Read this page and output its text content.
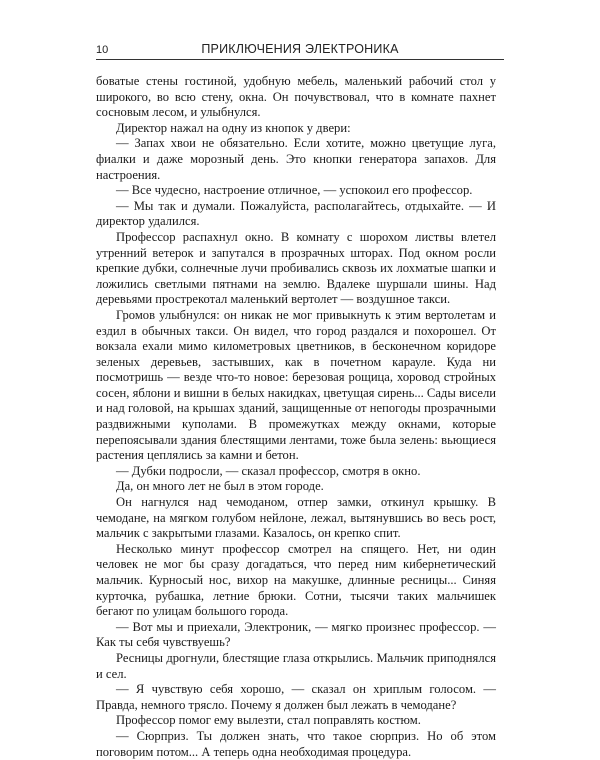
10	ПРИКЛЮЧЕНИЯ ЭЛЕКТРОНИКА

боватые стены гостиной, удобную мебель, маленький рабочий стол у широкого, во всю стену, окна. Он почувствовал, что в комнате пахнет сосновым лесом, и улыбнулся.

Директор нажал на одну из кнопок у двери:

— Запах хвои не обязательно. Если хотите, можно цветущие луга, фиалки и даже морозный день. Это кнопки генератора запахов. Для настроения.

— Все чудесно, настроение отличное, — успокоил его профессор.

— Мы так и думали. Пожалуйста, располагайтесь, отдыхайте. — И директор удалился.

Профессор распахнул окно. В комнату с шорохом листвы влетел утренний ветерок и запутался в прозрачных шторах. Под окном росли крепкие дубки, солнечные лучи пробивались сквозь их лохматые шапки и ложились светлыми пятнами на землю. Вдалеке шуршали шины. Над деревьями прострекотал маленький вертолет — воздушное такси.

Громов улыбнулся: он никак не мог привыкнуть к этим вертолетам и ездил в обычных такси. Он видел, что город раздался и похорошел. От вокзала ехали мимо километровых цветников, в бесконечном коридоре зеленых деревьев, застывших, как в почетном карауле. Куда ни посмотришь — везде что-то новое: березовая рощица, хоровод стройных сосен, яблони и вишни в белых накидках, цветущая сирень... Сады висели и над головой, на крышах зданий, защищенные от непогоды прозрачными раздвижными куполами. В промежутках между окнами, которые перепоясывали здания блестящими лентами, тоже была зелень: вьющиеся растения цеплялись за камни и бетон.

— Дубки подросли, — сказал профессор, смотря в окно.

Да, он много лет не был в этом городе.

Он нагнулся над чемоданом, отпер замки, откинул крышку. В чемодане, на мягком голубом нейлоне, лежал, вытянувшись во весь рост, мальчик с закрытыми глазами. Казалось, он крепко спит.

Несколько минут профессор смотрел на спящего. Нет, ни один человек не мог бы сразу догадаться, что перед ним кибернетический мальчик. Курносый нос, вихор на макушке, длинные ресницы... Синяя курточка, рубашка, летние брюки. Сотни, тысячи таких мальчишек бегают по улицам большого города.

— Вот мы и приехали, Электроник, — мягко произнес профессор. — Как ты себя чувствуешь?

Ресницы дрогнули, блестящие глаза открылись. Мальчик приподнялся и сел.

— Я чувствую себя хорошо, — сказал он хриплым голосом. — Правда, немного трясло. Почему я должен был лежать в чемодане?

Профессор помог ему вылезти, стал поправлять костюм.

— Сюрприз. Ты должен знать, что такое сюрприз. Но об этом поговорим потом... А теперь одна необходимая процедура.
